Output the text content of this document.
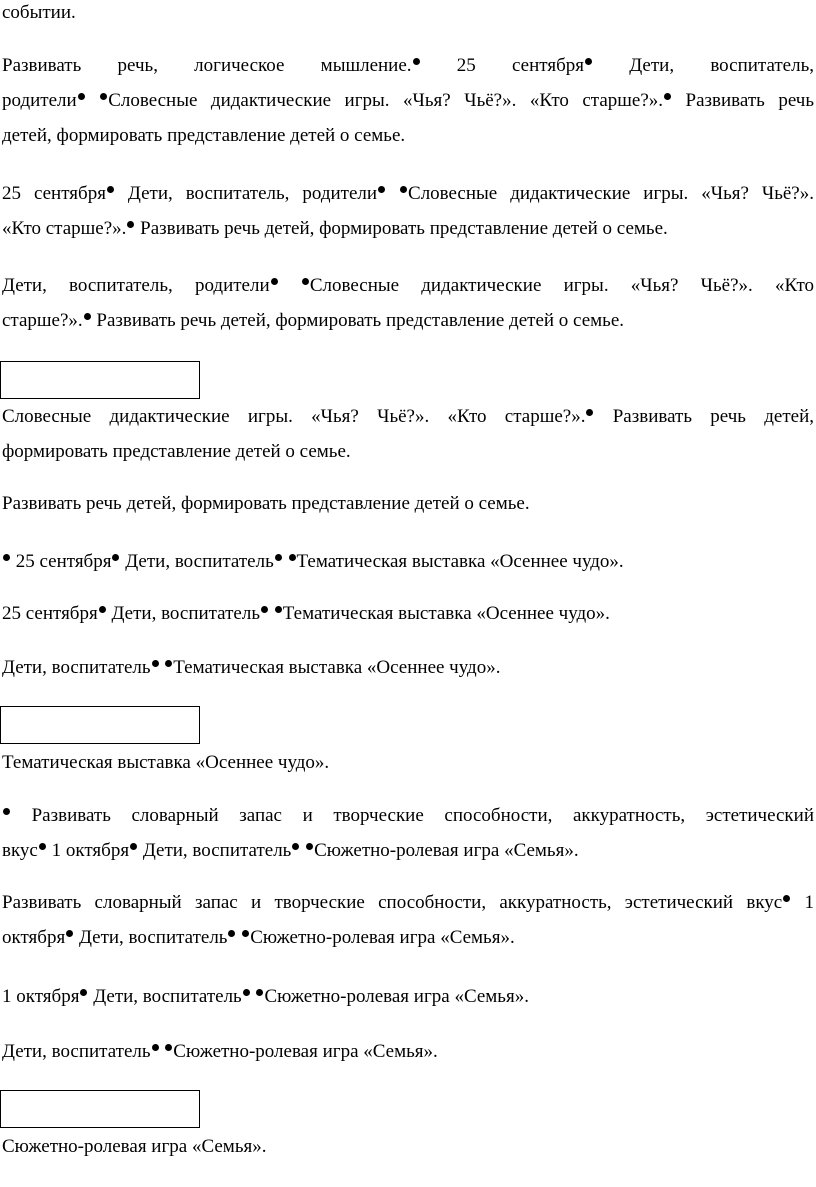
событии.
Развивать речь, логическое мышление. 25 сентября Дети, воспитатель,
родители Словесные дидактические игры. «Чья? Чьё?». «Кто старше?». Развивать речь
детей, формировать представление детей о семье.
25 сентября Дети, воспитатель, родители Словесные дидактические игры. «Чья? Чьё?».
«Кто старше?». Развивать речь детей, формировать представление детей о семье.
Дети, воспитатель, родители Словесные дидактические игры. «Чья? Чьё?». «Кто
старше?». Развивать речь детей, формировать представление детей о семье.
Словесные дидактические игры. «Чья? Чьё?». «Кто старше?». Развивать речь детей,
формировать представление детей о семье.
Развивать речь детей, формировать представление детей о семье.
25 сентября Дети, воспитатель Тематическая выставка «Осеннее чудо».
25 сентября Дети, воспитатель Тематическая выставка «Осеннее чудо».
Дети, воспитатель Тематическая выставка «Осеннее чудо».
Тематическая выставка «Осеннее чудо».
Развивать словарный запас и творческие способности, аккуратность, эстетический
вкус 1 октября Дети, воспитатель Сюжетно-ролевая игра «Семья».
Развивать словарный запас и творческие способности, аккуратность, эстетический вкус 1
октября Дети, воспитатель Сюжетно-ролевая игра «Семья».
1 октября Дети, воспитатель Сюжетно-ролевая игра «Семья».
Дети, воспитатель Сюжетно-ролевая игра «Семья».
Сюжетно-ролевая игра «Семья».
